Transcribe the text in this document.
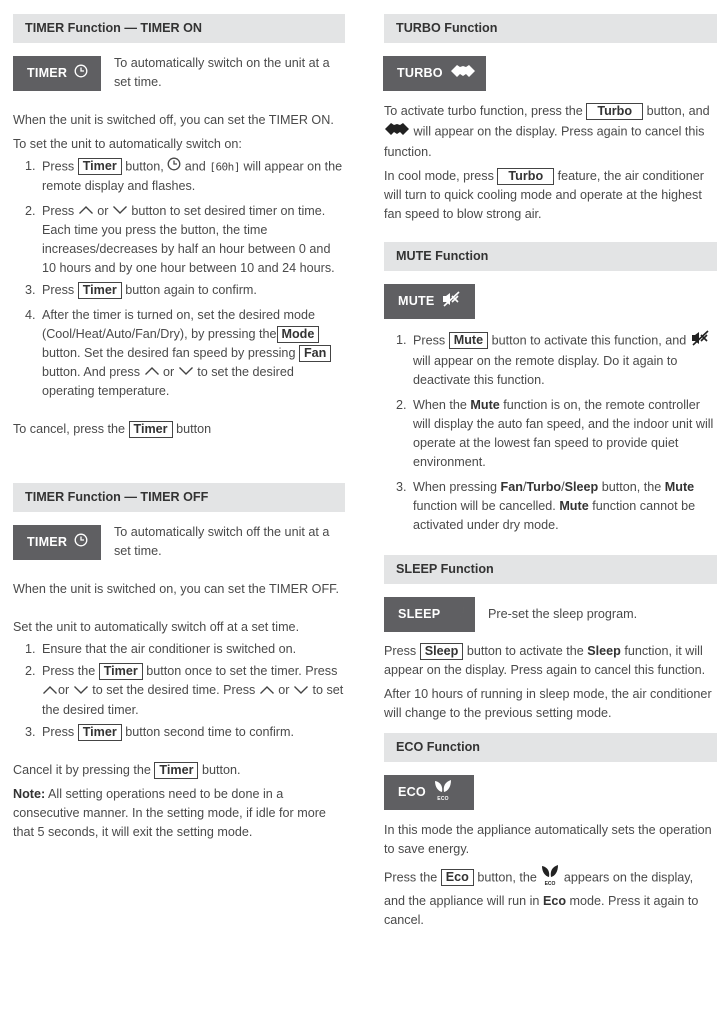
TIMER Function — TIMER ON
TIMER
To automatically switch on the unit at a set time.

When the unit is switched off, you can set the TIMER ON.

To set the unit to automatically switch on:

1. Press Timer button, and [60h] will appear on the remote display and flashes.
2. Press or button to set desired timer on time. Each time you press the button, the time increases/decreases by half an hour between 0 and 10 hours and by one hour between 10 and 24 hours.
3. Press Timer button again to confirm.
4. After the timer is turned on, set the desired mode (Cool/Heat/Auto/Fan/Dry), by pressing the Modebutton. Set the desired fan speed by pressing Fan button. And press or to set the desired operating temperature.

To cancel, press the Timer button

TIMER Function — TIMER OFF
TIMER
To automatically switch off the unit at a set time.

When the unit is switched on, you can set the TIMER OFF.

Set the unit to automatically switch off at a set time.

1. Ensure that the air conditioner is switched on.
2. Press the Timer button once to set the timer. Press or to set the desired time. Press or to set the desired timer.
3. Press Timer button second time to confirm.

Cancel it by pressing the Timer button.

Note: All setting operations need to be done in a consecutive manner. In the setting mode, if idle for more that 5 seconds, it will exit the setting mode.

TURBO Function
TURBO

To activate turbo function, press the Turbo button, and  will appear on the display. Press again to cancel this function.

In cool mode, press Turbo feature, the air conditioner will turn to quick cooling mode and operate at the highest fan speed to blow strong air.

MUTE Function
MUTE
1. Press Mute button to activate this function, and  will appear on the remote display. Do it again to deactivate this function.
2. When the Mute function is on, the remote controller will display the auto fan speed, and the indoor unit will operate at the lowest fan speed to provide quiet environment.
3. When pressing Fan/Turbo/Sleep button, the Mute function will be cancelled. Mute function cannot be activated under dry mode.
SLEEP Function
SLEEP	Pre-set the sleep program.

Press Sleep button to activate the Sleep function, it will appear on the display. Press again to cancel this function.

After 10 hours of running in sleep mode, the air conditioner will change to the previous setting mode.

ECO Function
ECO ECO

In this mode the appliance automatically sets the operation to save energy.

Press the Eco button, the ECO appears on the display, and the appliance will run in Eco mode. Press it again to cancel.
